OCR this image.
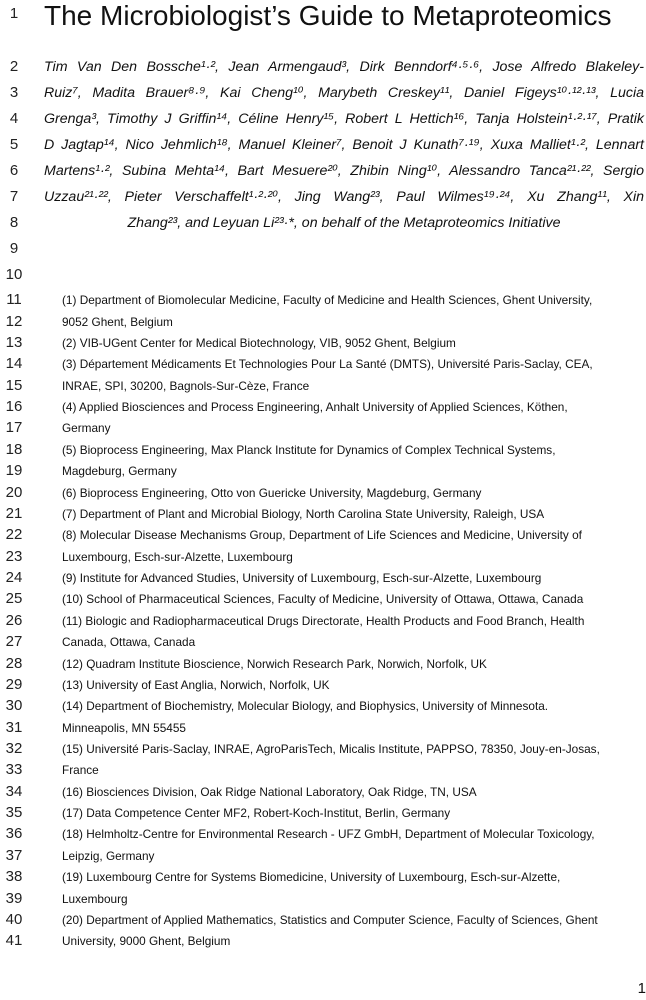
1
2
3
4
5
6
7
8
9
10
11
12
13
14
15
16
17
18
19
20
21
22
23
24
25
26
27
28
29
30
31
32
33
34
35
36
37
38
39
40
41
The Microbiologist’s Guide to Metaproteomics
Tim Van Den Bossche¹·², Jean Armengaud³, Dirk Benndorf⁴·⁵·⁶, Jose Alfredo Blakeley-
Ruiz⁷, Madita Brauer⁸·⁹, Kai Cheng¹⁰, Marybeth Creskey¹¹, Daniel Figeys¹⁰·¹²·¹³, Lucia
Grenga³, Timothy J Griffin¹⁴, Céline Henry¹⁵, Robert L Hettich¹⁶, Tanja Holstein¹·²·¹⁷, Pratik
D Jagtap¹⁴, Nico Jehmlich¹⁸, Manuel Kleiner⁷, Benoit J Kunath⁷·¹⁹, Xuxa Malliet¹·², Lennart
Martens¹·², Subina Mehta¹⁴, Bart Mesuere²⁰, Zhibin Ning¹⁰, Alessandro Tanca²¹·²², Sergio
Uzzau²¹·²², Pieter Verschaffelt¹·²·²⁰, Jing Wang²³, Paul Wilmes¹⁹·²⁴, Xu Zhang¹¹, Xin
Zhang²³, and Leyuan Li²³·*, on behalf of the Metaproteomics Initiative
(1) Department of Biomolecular Medicine, Faculty of Medicine and Health Sciences, Ghent University,
9052 Ghent, Belgium
(2) VIB-UGent Center for Medical Biotechnology, VIB, 9052 Ghent, Belgium
(3) Département Médicaments Et Technologies Pour La Santé (DMTS), Université Paris-Saclay, CEA,
INRAE, SPI, 30200, Bagnols-Sur-Cèze, France
(4) Applied Biosciences and Process Engineering, Anhalt University of Applied Sciences, Köthen,
Germany
(5) Bioprocess Engineering, Max Planck Institute for Dynamics of Complex Technical Systems,
Magdeburg, Germany
(6) Bioprocess Engineering, Otto von Guericke University, Magdeburg, Germany
(7) Department of Plant and Microbial Biology, North Carolina State University, Raleigh, USA
(8) Molecular Disease Mechanisms Group, Department of Life Sciences and Medicine, University of
Luxembourg, Esch-sur-Alzette, Luxembourg
(9) Institute for Advanced Studies, University of Luxembourg, Esch-sur-Alzette, Luxembourg
(10) School of Pharmaceutical Sciences, Faculty of Medicine, University of Ottawa, Ottawa, Canada
(11) Biologic and Radiopharmaceutical Drugs Directorate, Health Products and Food Branch, Health
Canada, Ottawa, Canada
(12) Quadram Institute Bioscience, Norwich Research Park, Norwich, Norfolk, UK
(13) University of East Anglia, Norwich, Norfolk, UK
(14) Department of Biochemistry, Molecular Biology, and Biophysics, University of Minnesota.
Minneapolis, MN 55455
(15) Université Paris-Saclay, INRAE, AgroParisTech, Micalis Institute, PAPPSO, 78350, Jouy-en-Josas,
France
(16) Biosciences Division, Oak Ridge National Laboratory, Oak Ridge, TN, USA
(17) Data Competence Center MF2, Robert-Koch-Institut, Berlin, Germany
(18) Helmholtz-Centre for Environmental Research - UFZ GmbH, Department of Molecular Toxicology,
Leipzig, Germany
(19) Luxembourg Centre for Systems Biomedicine, University of Luxembourg, Esch-sur-Alzette,
Luxembourg
(20) Department of Applied Mathematics, Statistics and Computer Science, Faculty of Sciences, Ghent
University, 9000 Ghent, Belgium
1
